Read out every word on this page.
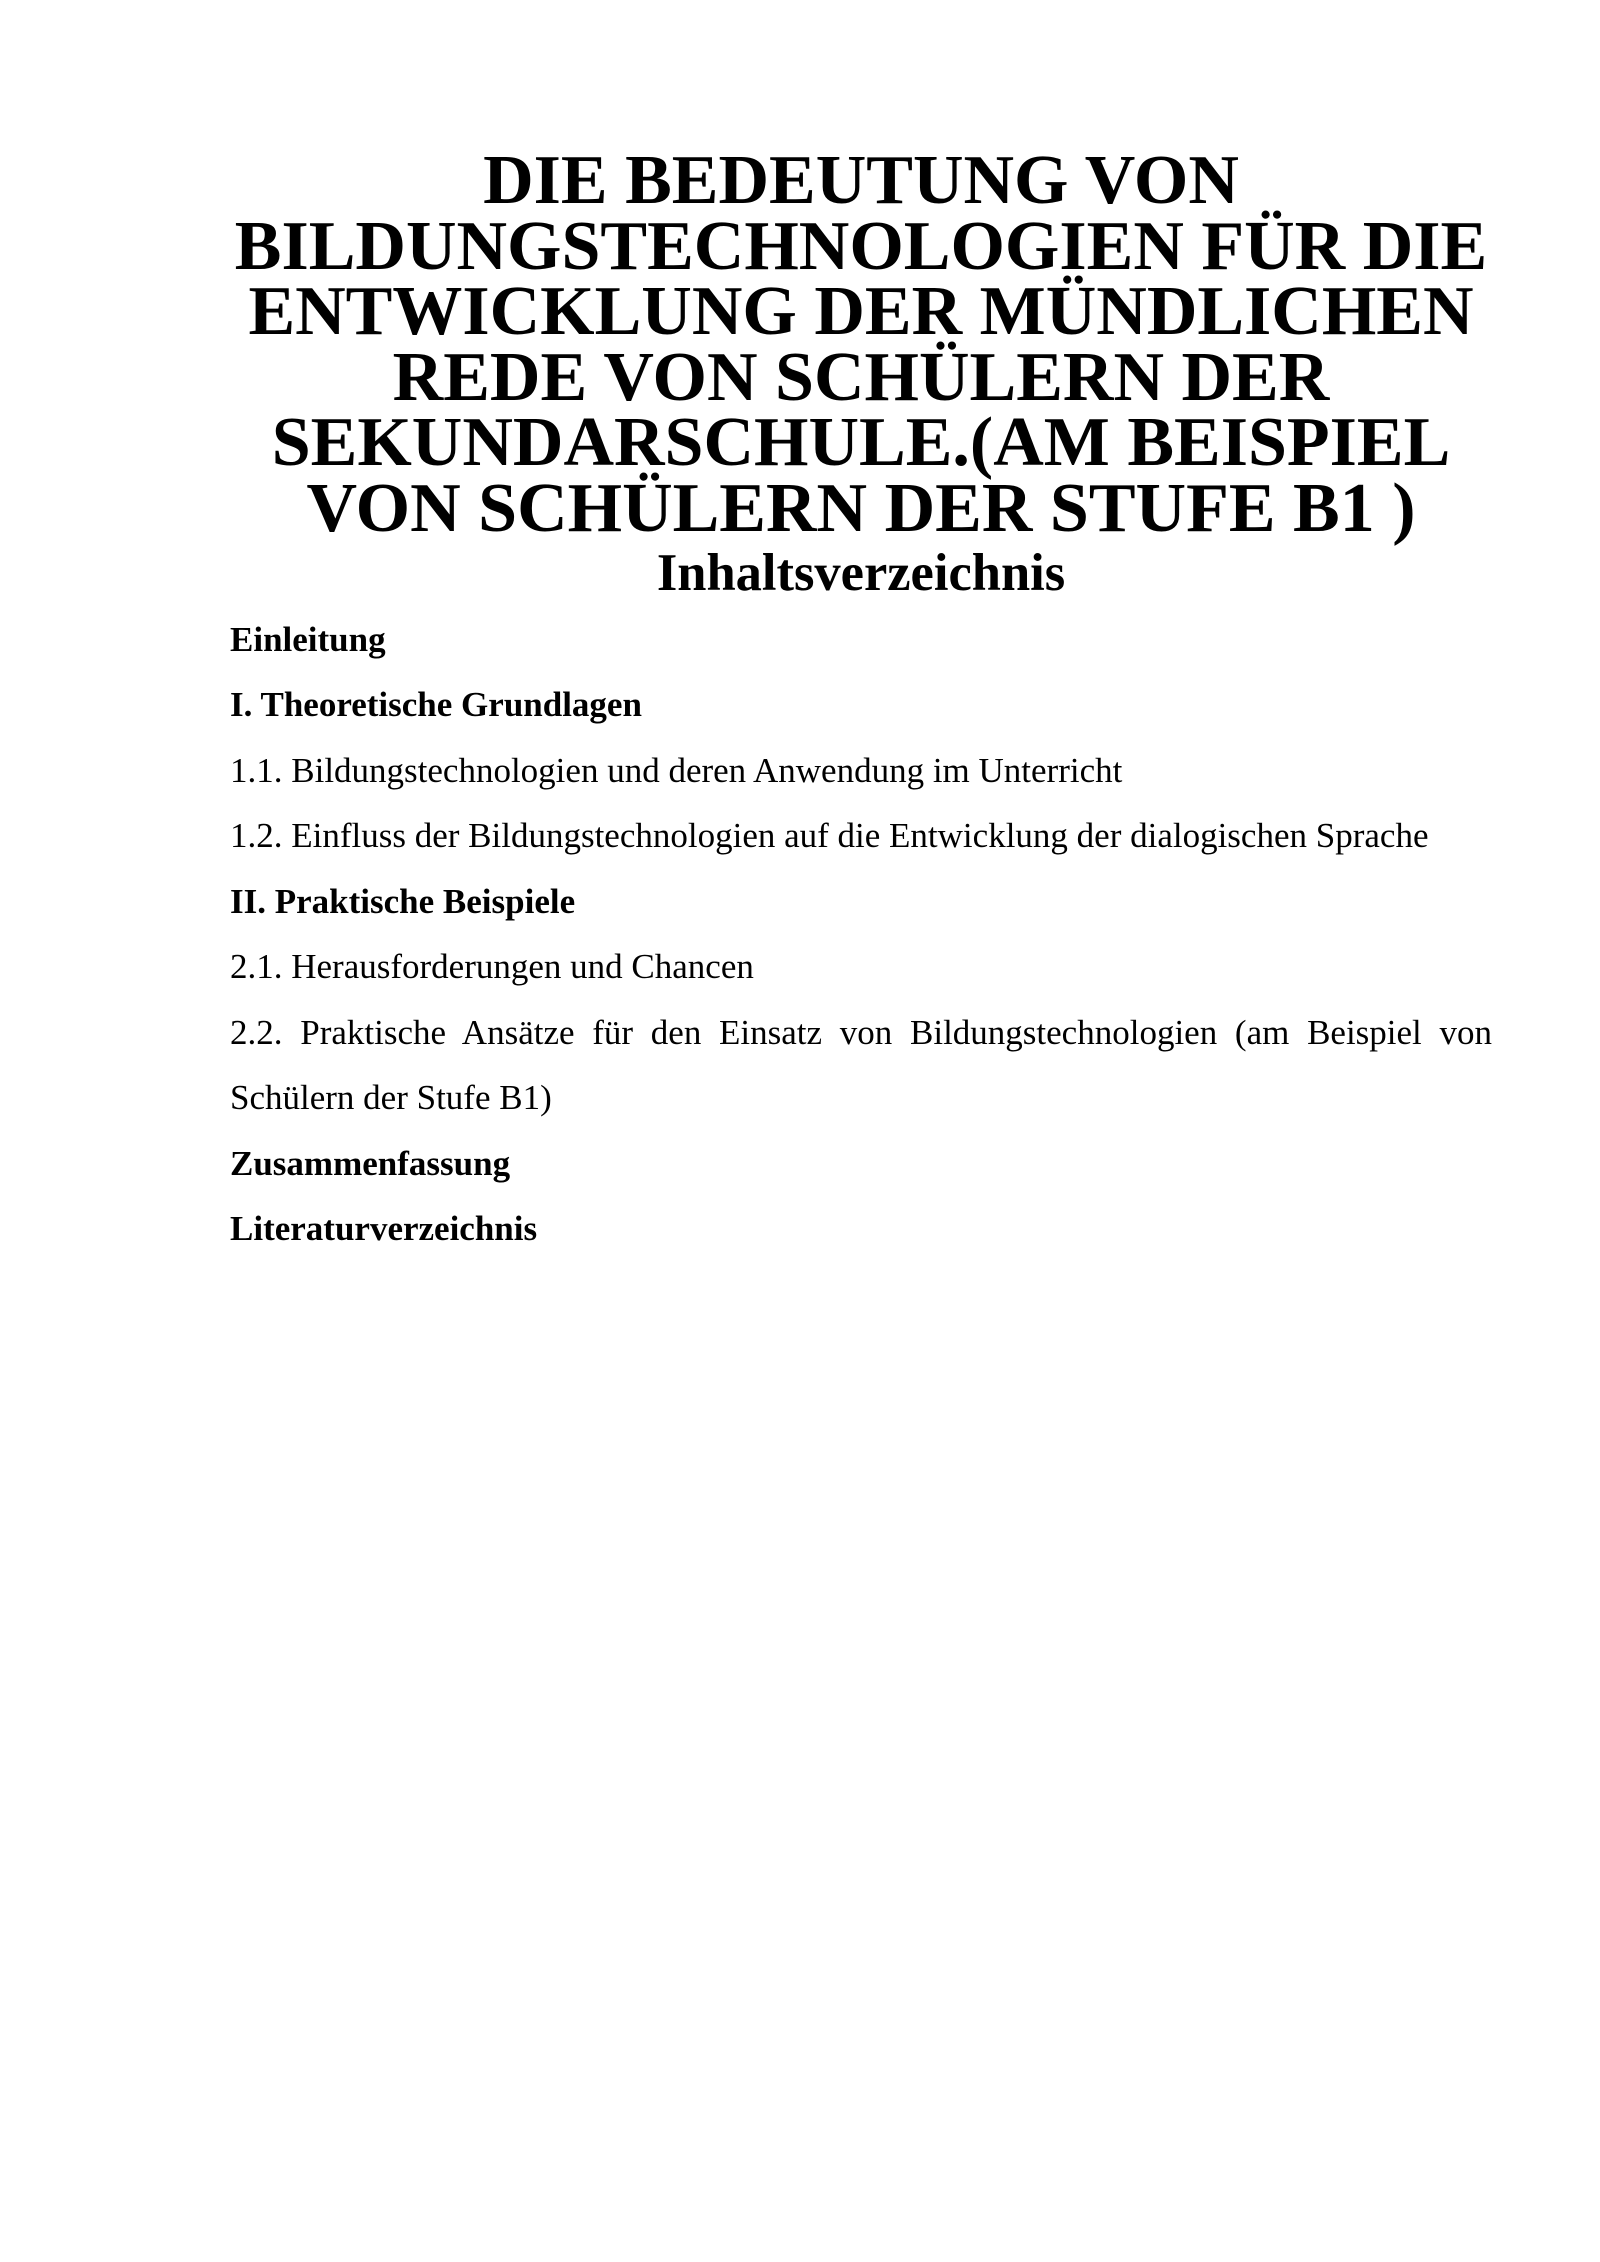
DIE BEDEUTUNG VON BILDUNGSTECHNOLOGIEN FÜR DIE
ENTWICKLUNG DER MÜNDLICHEN REDE VON SCHÜLERN DER
SEKUNDARSCHULE.(AM BEISPIEL VON SCHÜLERN DER STUFE B1 )
Inhaltsverzeichnis
Einleitung
I. Theoretische Grundlagen
1.1. Bildungstechnologien und deren Anwendung im Unterricht
1.2. Einfluss der Bildungstechnologien auf die Entwicklung der dialogischen Sprache
II. Praktische Beispiele
2.1. Herausforderungen und Chancen
2.2. Praktische Ansätze für den Einsatz von Bildungstechnologien (am Beispiel von Schülern der Stufe B1)
Zusammenfassung
Literaturverzeichnis
